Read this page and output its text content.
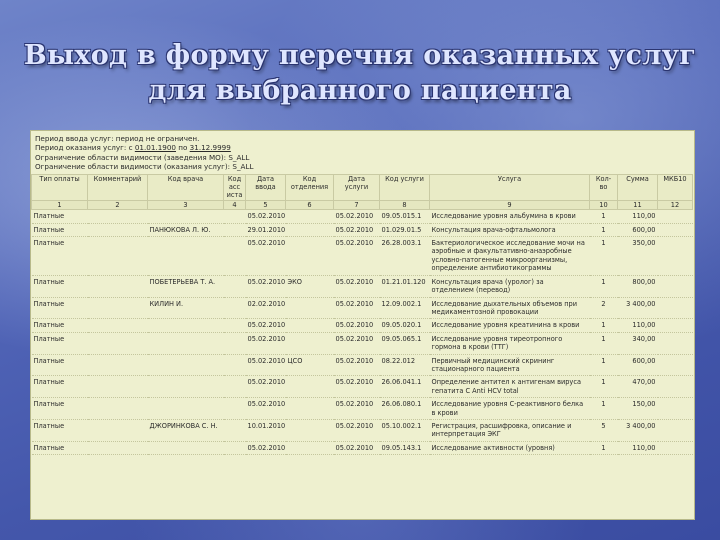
Выход в форму перечня оказанных услуг
для выбранного пациента
Период ввода услуг: период не ограничен.
Период оказания услуг: с 01.01.1900 по 31.12.9999
Ограничение области видимости (заведения МО): S_ALL
Ограничение области видимости (оказания услуг): S_ALL
Тип оплаты	Комментарий	Код врача	Код асс иста	Дата ввода	Код отделения	Дата услуги	Код услуги	Услуга	Кол-во	Сумма	МКБ10
1	2	3	4	5	6	7	8	9	10	11	12
Платные				05.02.2010		05.02.2010	09.05.015.1	Исследование уровня альбумина в крови	1	110,00	
Платные		ПАНЮКОВА Л. Ю.		29.01.2010		05.02.2010	01.029.01.5	Консультация врача-офтальмолога	1	600,00	
Платные				05.02.2010		05.02.2010	26.28.003.1	Бактериологическое исследование мочи на аэробные и факультативно-анаэробные условно-патогенные микроорганизмы, определение антибиотикограммы	1	350,00	
Платные		ПОБЕТЕРЬЕВА Т. А.		05.02.2010	ЭКО	05.02.2010	01.21.01.120	Консультация врача (уролог) за отделением (перевод)	1	800,00	
Платные		КИЛИН И.		02.02.2010		05.02.2010	12.09.002.1	Исследование дыхательных объемов при медикаментозной провокации	2	3 400,00	
Платные				05.02.2010		05.02.2010	09.05.020.1	Исследование уровня креатинина в крови	1	110,00	
Платные				05.02.2010		05.02.2010	09.05.065.1	Исследование уровня тиреотропного гормона в крови (ТТГ)	1	340,00	
Платные				05.02.2010	ЦСО	05.02.2010	08.22.012	Первичный медицинский скрининг стационарного пациента	1	600,00	
Платные				05.02.2010		05.02.2010	26.06.041.1	Определение антител к антигенам вируса гепатита С Anti HCV total	1	470,00	
Платные				05.02.2010		05.02.2010	26.06.080.1	Исследование уровня С-реактивного белка в крови	1	150,00	
Платные		ДЖОРИНКОВА С. Н.		10.01.2010		05.02.2010	05.10.002.1	Регистрация, расшифровка, описание и интерпретация ЭКГ	5	3 400,00	
Платные				05.02.2010		05.02.2010	09.05.143.1	Исследование активности (уровня)	1	110,00	
